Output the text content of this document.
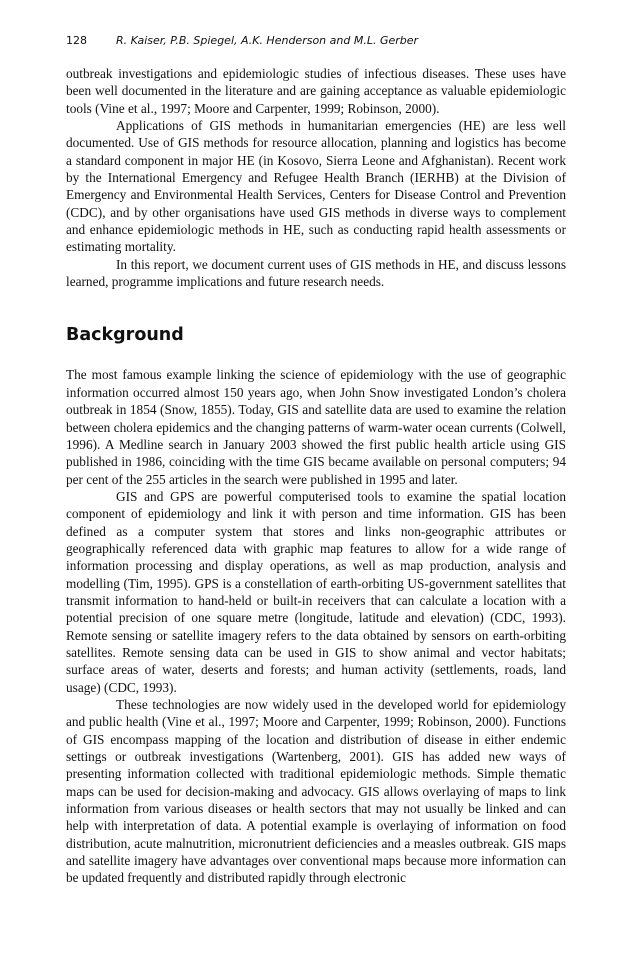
128	R. Kaiser, P.B. Spiegel, A.K. Henderson and M.L. Gerber

outbreak investigations and epidemiologic studies of infectious diseases. These uses have been well documented in the literature and are gaining acceptance as valuable epidemiologic tools (Vine et al., 1997; Moore and Carpenter, 1999; Robinson, 2000).

Applications of GIS methods in humanitarian emergencies (HE) are less well documented. Use of GIS methods for resource allocation, planning and logistics has become a standard component in major HE (in Kosovo, Sierra Leone and Afghanistan). Recent work by the International Emergency and Refugee Health Branch (IERHB) at the Division of Emergency and Environmental Health Services, Centers for Disease Control and Prevention (CDC), and by other organisations have used GIS methods in diverse ways to complement and enhance epidemiologic methods in HE, such as conducting rapid health assessments or estimating mortality.

In this report, we document current uses of GIS methods in HE, and discuss lessons learned, programme implications and future research needs.

Background

The most famous example linking the science of epidemiology with the use of geographic information occurred almost 150 years ago, when John Snow investigated London’s cholera outbreak in 1854 (Snow, 1855). Today, GIS and satellite data are used to examine the relation between cholera epidemics and the changing patterns of warm-water ocean currents (Colwell, 1996). A Medline search in January 2003 showed the first public health article using GIS published in 1986, coinciding with the time GIS became available on personal computers; 94 per cent of the 255 articles in the search were published in 1995 and later.

GIS and GPS are powerful computerised tools to examine the spatial location component of epidemiology and link it with person and time information. GIS has been defined as a computer system that stores and links non-geographic attributes or geographically referenced data with graphic map features to allow for a wide range of information processing and display operations, as well as map production, analysis and modelling (Tim, 1995). GPS is a constellation of earth-orbiting US-government satellites that transmit information to hand-held or built-in receivers that can calculate a location with a potential precision of one square metre (longitude, latitude and elevation) (CDC, 1993). Remote sensing or satellite imagery refers to the data obtained by sensors on earth-orbiting satellites. Remote sensing data can be used in GIS to show animal and vector habitats; surface areas of water, deserts and forests; and human activity (settlements, roads, land usage) (CDC, 1993).

These technologies are now widely used in the developed world for epidemiology and public health (Vine et al., 1997; Moore and Carpenter, 1999; Robinson, 2000). Functions of GIS encompass mapping of the location and distribution of disease in either endemic settings or outbreak investigations (Wartenberg, 2001). GIS has added new ways of presenting information collected with traditional epidemiologic methods. Simple thematic maps can be used for decision-making and advocacy. GIS allows overlaying of maps to link information from various diseases or health sectors that may not usually be linked and can help with interpretation of data. A potential example is overlaying of information on food distribution, acute malnutrition, micronutrient deficiencies and a measles outbreak. GIS maps and satellite imagery have advantages over conventional maps because more information can be updated frequently and distributed rapidly through electronic
